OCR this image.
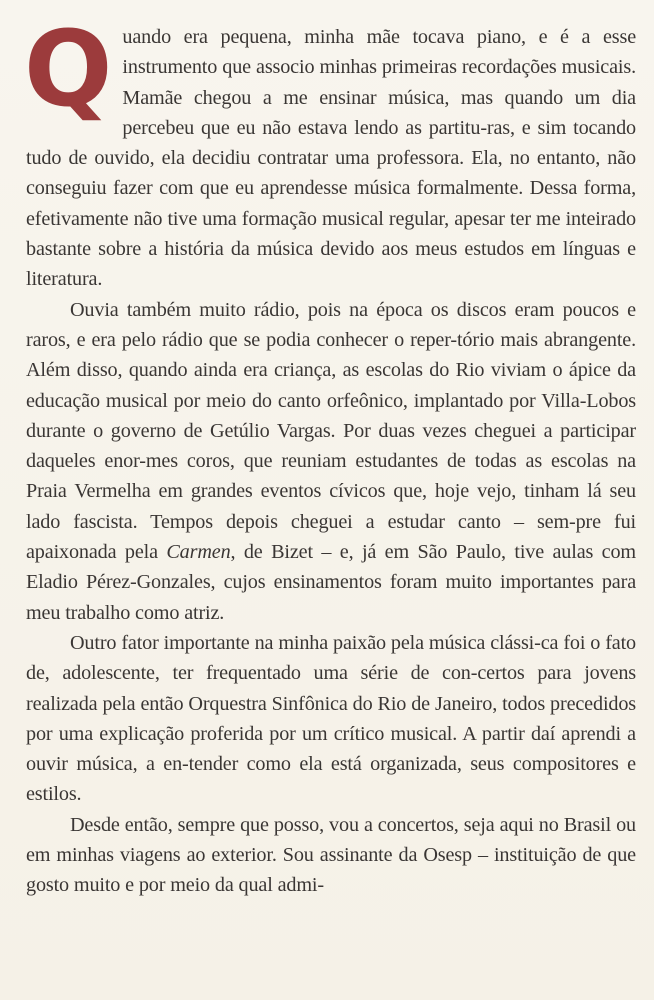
Quando era pequena, minha mãe tocava piano, e é a esse instrumento que associo minhas primeiras recordações musicais. Mamãe chegou a me ensinar música, mas quando um dia percebeu que eu não estava lendo as partitu-ras, e sim tocando tudo de ouvido, ela decidiu contratar uma professora. Ela, no entanto, não conseguiu fazer com que eu aprendesse música formalmente. Dessa forma, efetivamente não tive uma formação musical regular, apesar ter me inteirado bastante sobre a história da música devido aos meus estudos em línguas e literatura.

Ouvia também muito rádio, pois na época os discos eram poucos e raros, e era pelo rádio que se podia conhecer o reper-tório mais abrangente. Além disso, quando ainda era criança, as escolas do Rio viviam o ápice da educação musical por meio do canto orfeônico, implantado por Villa-Lobos durante o governo de Getúlio Vargas. Por duas vezes cheguei a participar daqueles enor-mes coros, que reuniam estudantes de todas as escolas na Praia Vermelha em grandes eventos cívicos que, hoje vejo, tinham lá seu lado fascista. Tempos depois cheguei a estudar canto – sem-pre fui apaixonada pela Carmen, de Bizet – e, já em São Paulo, tive aulas com Eladio Pérez-Gonzales, cujos ensinamentos foram muito importantes para meu trabalho como atriz.

Outro fator importante na minha paixão pela música clássi-ca foi o fato de, adolescente, ter frequentado uma série de con-certos para jovens realizada pela então Orquestra Sinfônica do Rio de Janeiro, todos precedidos por uma explicação proferida por um crítico musical. A partir daí aprendi a ouvir música, a en-tender como ela está organizada, seus compositores e estilos.

Desde então, sempre que posso, vou a concertos, seja aqui no Brasil ou em minhas viagens ao exterior. Sou assinante da Osesp – instituição de que gosto muito e por meio da qual admi-
